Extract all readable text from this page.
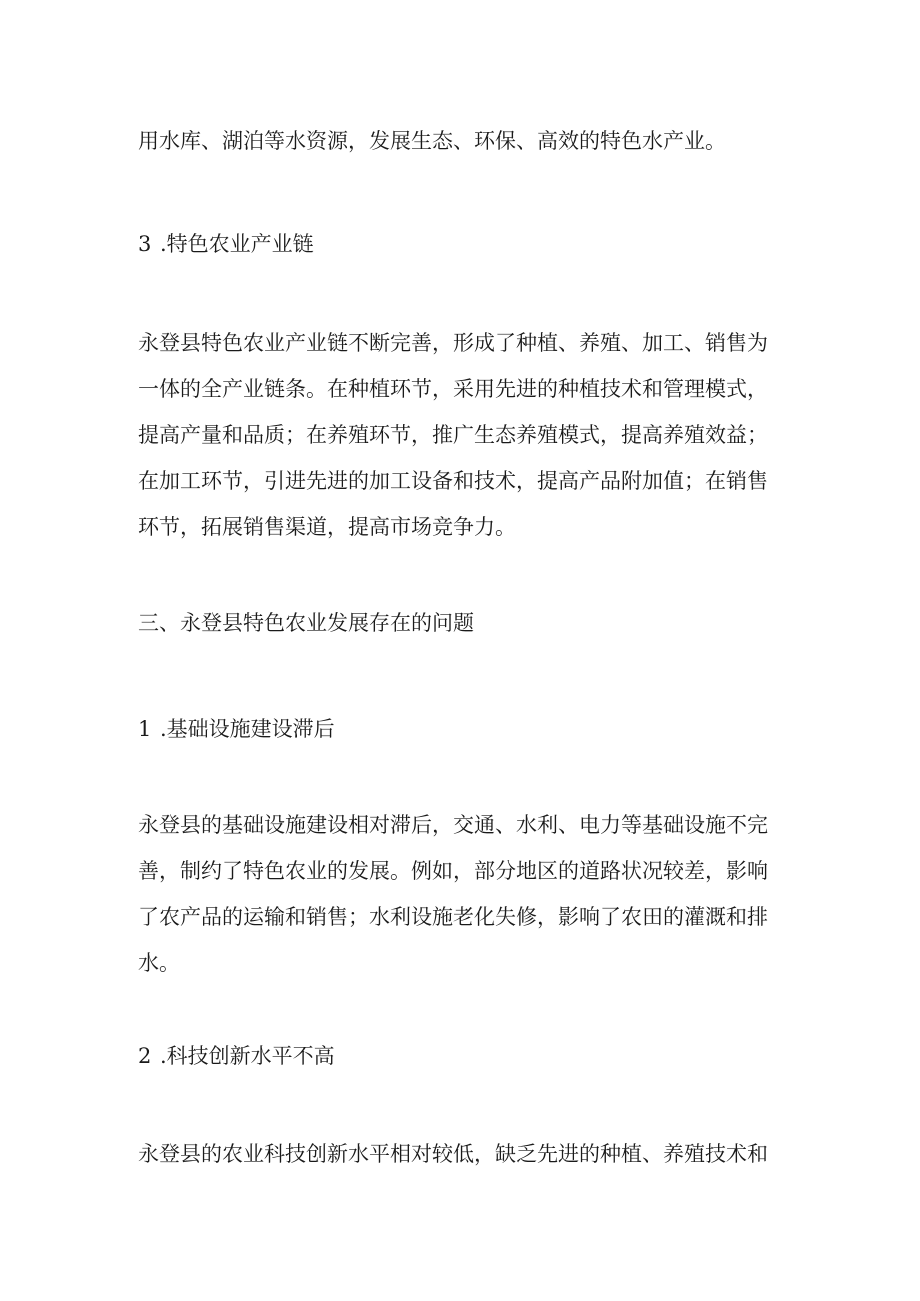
用水库、湖泊等水资源，发展生态、环保、高效的特色水产业。

3 .特色农业产业链

永登县特色农业产业链不断完善，形成了种植、养殖、加工、销售为一体的全产业链条。在种植环节，采用先进的种植技术和管理模式，提高产量和品质；在养殖环节，推广生态养殖模式，提高养殖效益；在加工环节，引进先进的加工设备和技术，提高产品附加值；在销售环节，拓展销售渠道，提高市场竞争力。

三、永登县特色农业发展存在的问题

1 .基础设施建设滞后

永登县的基础设施建设相对滞后，交通、水利、电力等基础设施不完善，制约了特色农业的发展。例如，部分地区的道路状况较差，影响了农产品的运输和销售；水利设施老化失修，影响了农田的灌溉和排水。

2 .科技创新水平不高

永登县的农业科技创新水平相对较低，缺乏先进的种植、养殖技术和
